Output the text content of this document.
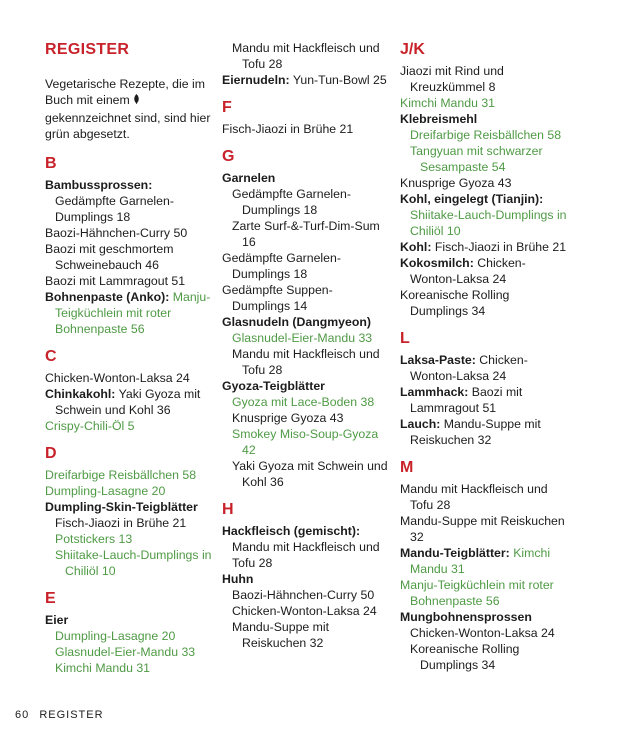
REGISTER

Vegetarische Rezepte, die im Buch mit einem  gekennzeichnet sind, sind hier grün abgesetzt.

B

Bambussprossen: Gedämpfte Garnelen-Dumplings 18

Baozi-Hähnchen-Curry 50

Baozi mit geschmortem Schweinebauch 46

Baozi mit Lammragout 51

Bohnenpaste (Anko): Manju-Teigküchlein mit roter Bohnenpaste 56

C

Chicken-Wonton-Laksa 24

Chinkakohl: Yaki Gyoza mit Schwein und Kohl 36

Crispy-Chili-Öl 5

D

Dreifarbige Reisbällchen 58

Dumpling-Lasagne 20

Dumpling-Skin-Teigblätter

Fisch-Jiaozi in Brühe 21

Potstickers 13

Shiitake-Lauch-Dumplings in Chiliöl 10

E

Eier

Dumpling-Lasagne 20

Glasnudel-Eier-Mandu 33

Kimchi Mandu 31

Mandu mit Hackfleisch und Tofu 28

Eiernudeln: Yun-Tun-Bowl 25

F

Fisch-Jiaozi in Brühe 21

G

Garnelen

Gedämpfte Garnelen-Dumplings 18

Zarte Surf-&-Turf-Dim-Sum 16

Gedämpfte Garnelen-Dumplings 18

Gedämpfte Suppen-Dumplings 14

Glasnudeln (Dangmyeon)

Glasnudel-Eier-Mandu 33

Mandu mit Hackfleisch und Tofu 28

Gyoza-Teigblätter

Gyoza mit Lace-Boden 38

Knusprige Gyoza 43

Smokey Miso-Soup-Gyoza 42

Yaki Gyoza mit Schwein und Kohl 36

H

Hackfleisch (gemischt): Mandu mit Hackfleisch und Tofu 28

Huhn

Baozi-Hähnchen-Curry 50

Chicken-Wonton-Laksa 24

Mandu-Suppe mit Reiskuchen 32

J/K

Jiaozi mit Rind und Kreuzkümmel 8

Kimchi Mandu 31

Klebreismehl

Dreifarbige Reisbällchen 58

Tangyuan mit schwarzer Sesampaste 54

Knusprige Gyoza 43

Kohl, eingelegt (Tianjin): Shiitake-Lauch-Dumplings in Chiliöl 10

Kohl: Fisch-Jiaozi in Brühe 21

Kokosmilch: Chicken-Wonton-Laksa 24

Koreanische Rolling Dumplings 34

L

Laksa-Paste: Chicken-Wonton-Laksa 24

Lammhack: Baozi mit Lammragout 51

Lauch: Mandu-Suppe mit Reiskuchen 32

M

Mandu mit Hackfleisch und Tofu 28

Mandu-Suppe mit Reiskuchen 32

Mandu-Teigblätter: Kimchi Mandu 31

Manju-Teigküchlein mit roter Bohnenpaste 56

Mungbohnensprossen

Chicken-Wonton-Laksa 24

Koreanische Rolling Dumplings 34

60 REGISTER
